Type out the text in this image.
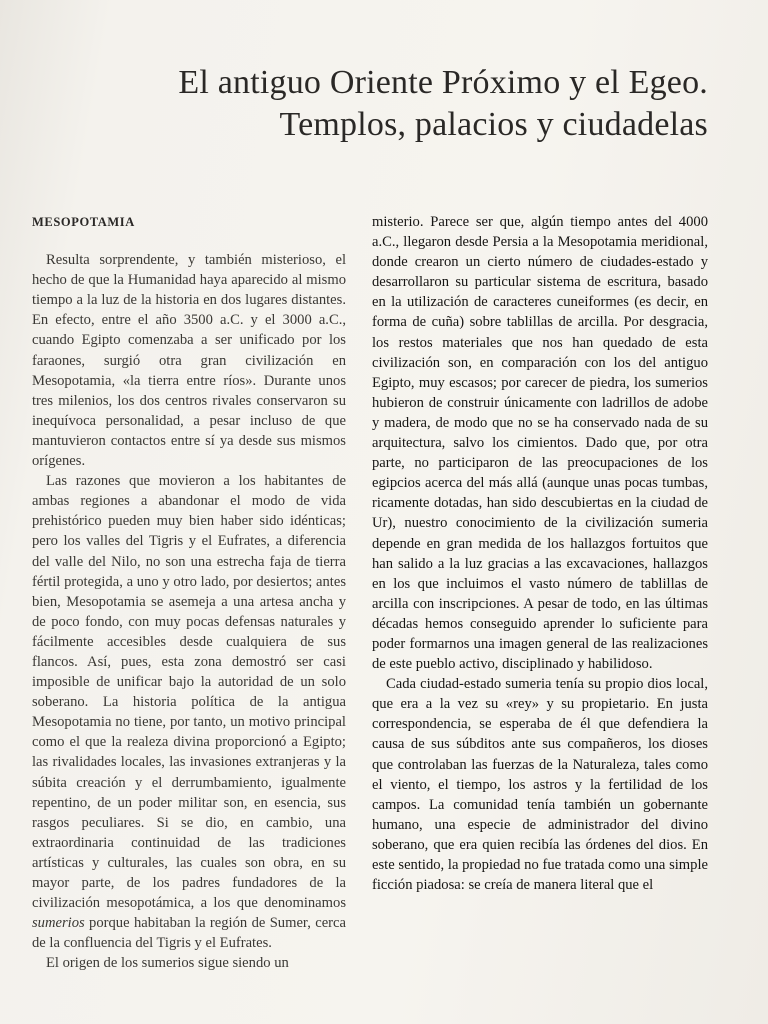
El antiguo Oriente Próximo y el Egeo.
Templos, palacios y ciudadelas
MESOPOTAMIA

Resulta sorprendente, y también misterioso, el hecho de que la Humanidad haya aparecido al mismo tiempo a la luz de la historia en dos lugares distantes. En efecto, entre el año 3500 a.C. y el 3000 a.C., cuando Egipto comenzaba a ser unificado por los faraones, surgió otra gran civilización en Mesopotamia, «la tierra entre ríos». Durante unos tres milenios, los dos centros rivales conservaron su inequívoca personalidad, a pesar incluso de que mantuvieron contactos entre sí ya desde sus mismos orígenes.

Las razones que movieron a los habitantes de ambas regiones a abandonar el modo de vida prehistórico pueden muy bien haber sido idénticas; pero los valles del Tigris y el Eufrates, a diferencia del valle del Nilo, no son una estrecha faja de tierra fértil protegida, a uno y otro lado, por desiertos; antes bien, Mesopotamia se asemeja a una artesa ancha y de poco fondo, con muy pocas defensas naturales y fácilmente accesibles desde cualquiera de sus flancos. Así, pues, esta zona demostró ser casi imposible de unificar bajo la autoridad de un solo soberano. La historia política de la antigua Mesopotamia no tiene, por tanto, un motivo principal como el que la realeza divina proporcionó a Egipto; las rivalidades locales, las invasiones extranjeras y la súbita creación y el derrumbamiento, igualmente repentino, de un poder militar son, en esencia, sus rasgos peculiares. Si se dio, en cambio, una extraordinaria continuidad de las tradiciones artísticas y culturales, las cuales son obra, en su mayor parte, de los padres fundadores de la civilización mesopotámica, a los que denominamos sumerios porque habitaban la región de Sumer, cerca de la confluencia del Tigris y el Eufrates.

El origen de los sumerios sigue siendo un

misterio. Parece ser que, algún tiempo antes del 4000 a.C., llegaron desde Persia a la Mesopotamia meridional, donde crearon un cierto número de ciudades-estado y desarrollaron su particular sistema de escritura, basado en la utilización de caracteres cuneiformes (es decir, en forma de cuña) sobre tablillas de arcilla. Por desgracia, los restos materiales que nos han quedado de esta civilización son, en comparación con los del antiguo Egipto, muy escasos; por carecer de piedra, los sumerios hubieron de construir únicamente con ladrillos de adobe y madera, de modo que no se ha conservado nada de su arquitectura, salvo los cimientos. Dado que, por otra parte, no participaron de las preocupaciones de los egipcios acerca del más allá (aunque unas pocas tumbas, ricamente dotadas, han sido descubiertas en la ciudad de Ur), nuestro conocimiento de la civilización sumeria depende en gran medida de los hallazgos fortuitos que han salido a la luz gracias a las excavaciones, hallazgos en los que incluimos el vasto número de tablillas de arcilla con inscripciones. A pesar de todo, en las últimas décadas hemos conseguido aprender lo suficiente para poder formarnos una imagen general de las realizaciones de este pueblo activo, disciplinado y habilidoso.

Cada ciudad-estado sumeria tenía su propio dios local, que era a la vez su «rey» y su propietario. En justa correspondencia, se esperaba de él que defendiera la causa de sus súbditos ante sus compañeros, los dioses que controlaban las fuerzas de la Naturaleza, tales como el viento, el tiempo, los astros y la fertilidad de los campos. La comunidad tenía también un gobernante humano, una especie de administrador del divino soberano, que era quien recibía las órdenes del dios. En este sentido, la propiedad no fue tratada como una simple ficción piadosa: se creía de manera literal que el
